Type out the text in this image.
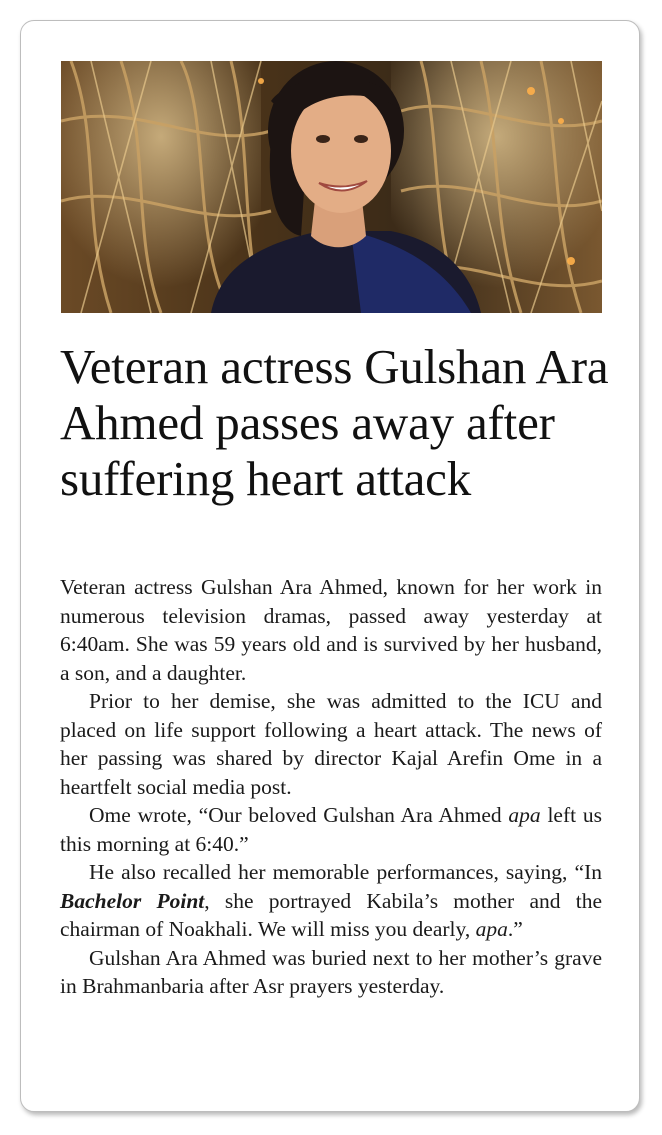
Veteran actress Gulshan Ara Ahmed passes away after suffering heart attack

Veteran actress Gulshan Ara Ahmed, known for her work in numerous television dramas, passed away yesterday at 6:40am. She was 59 years old and is survived by her husband, a son, and a daughter.

Prior to her demise, she was admitted to the ICU and placed on life support following a heart attack. The news of her passing was shared by director Kajal Arefin Ome in a heartfelt social media post.

Ome wrote, “Our beloved Gulshan Ara Ahmed apa left us this morning at 6:40.”

He also recalled her memorable performances, saying, “In Bachelor Point, she portrayed Kabila’s mother and the chairman of Noakhali. We will miss you dearly, apa.”

Gulshan Ara Ahmed was buried next to her mother’s grave in Brahmanbaria after Asr prayers yesterday.
